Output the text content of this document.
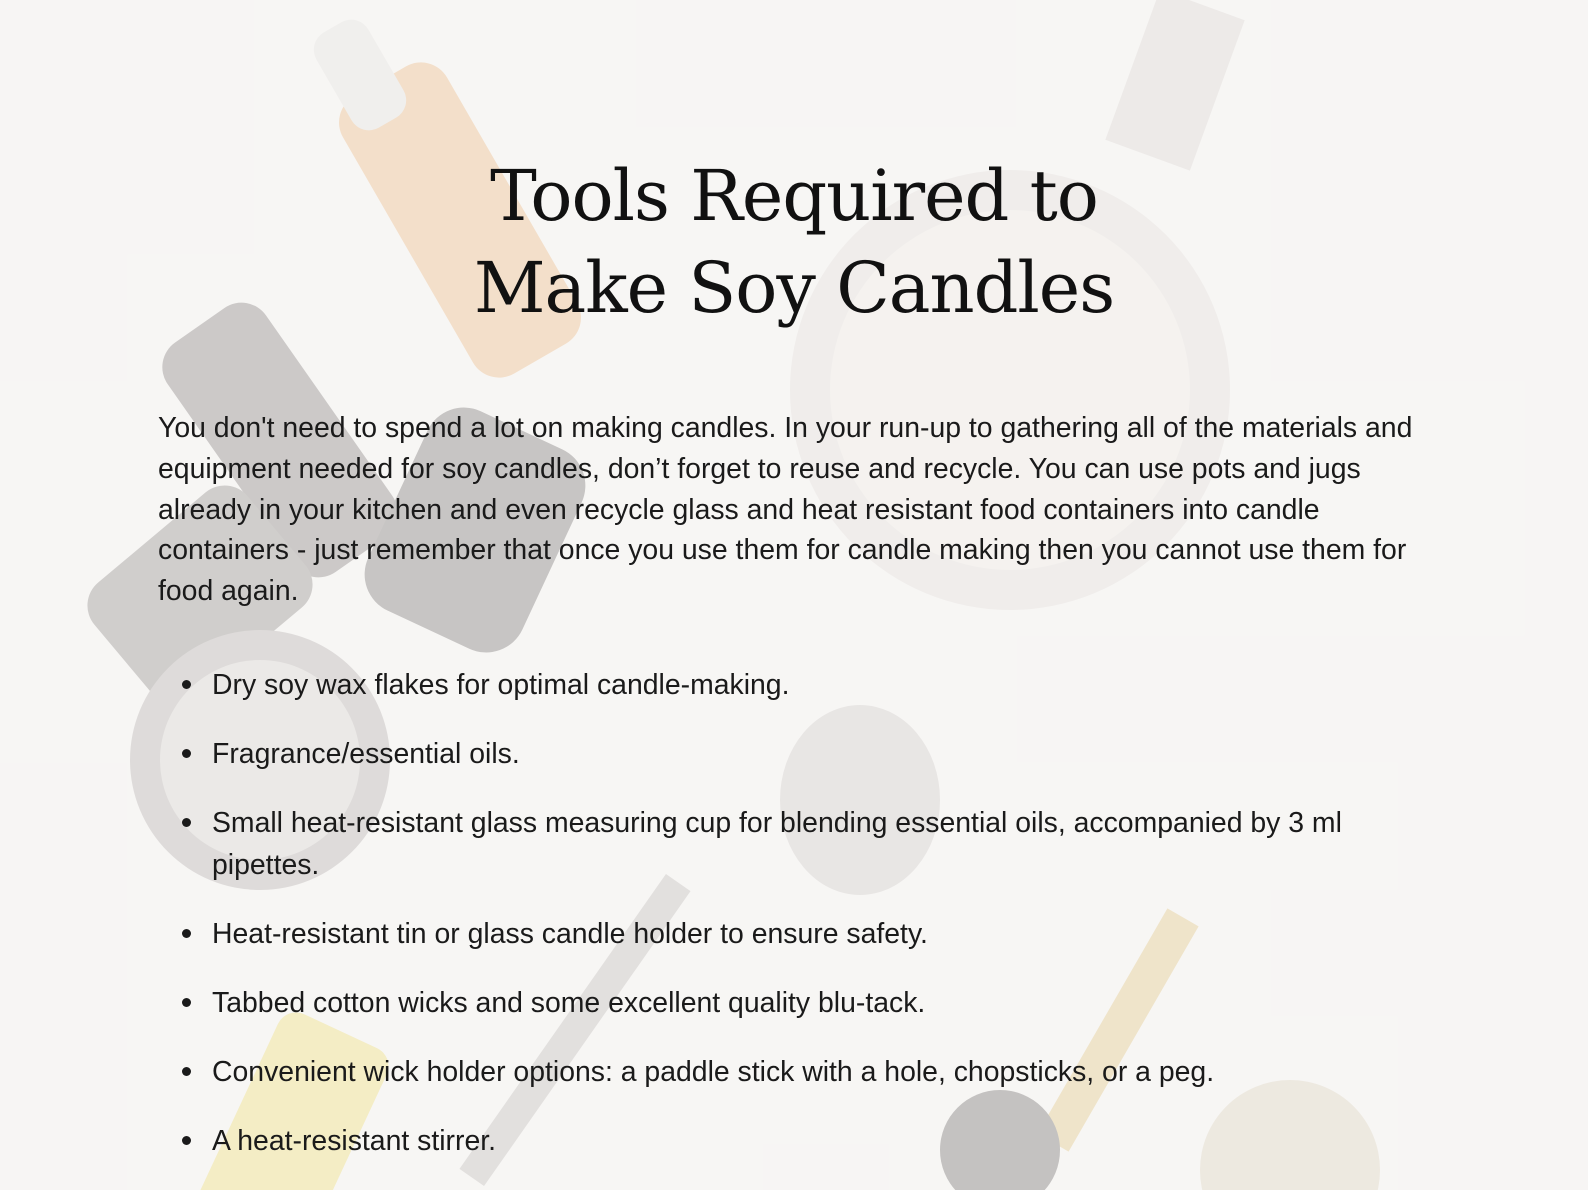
Tools Required to
Make Soy Candles

You don't need to spend a lot on making candles. In your run-up to gathering all of the materials and equipment needed for soy candles, don’t forget to reuse and recycle. You can use pots and jugs already in your kitchen and even recycle glass and heat resistant food containers into candle containers - just remember that once you use them for candle making then you cannot use them for food again.

Dry soy wax flakes for optimal candle-making.
Fragrance/essential oils.
Small heat-resistant glass measuring cup for blending essential oils, accompanied by 3 ml pipettes.
Heat-resistant tin or glass candle holder to ensure safety.
Tabbed cotton wicks and some excellent quality blu-tack.
Convenient wick holder options: a paddle stick with a hole, chopsticks, or a peg.
A heat-resistant stirrer.
